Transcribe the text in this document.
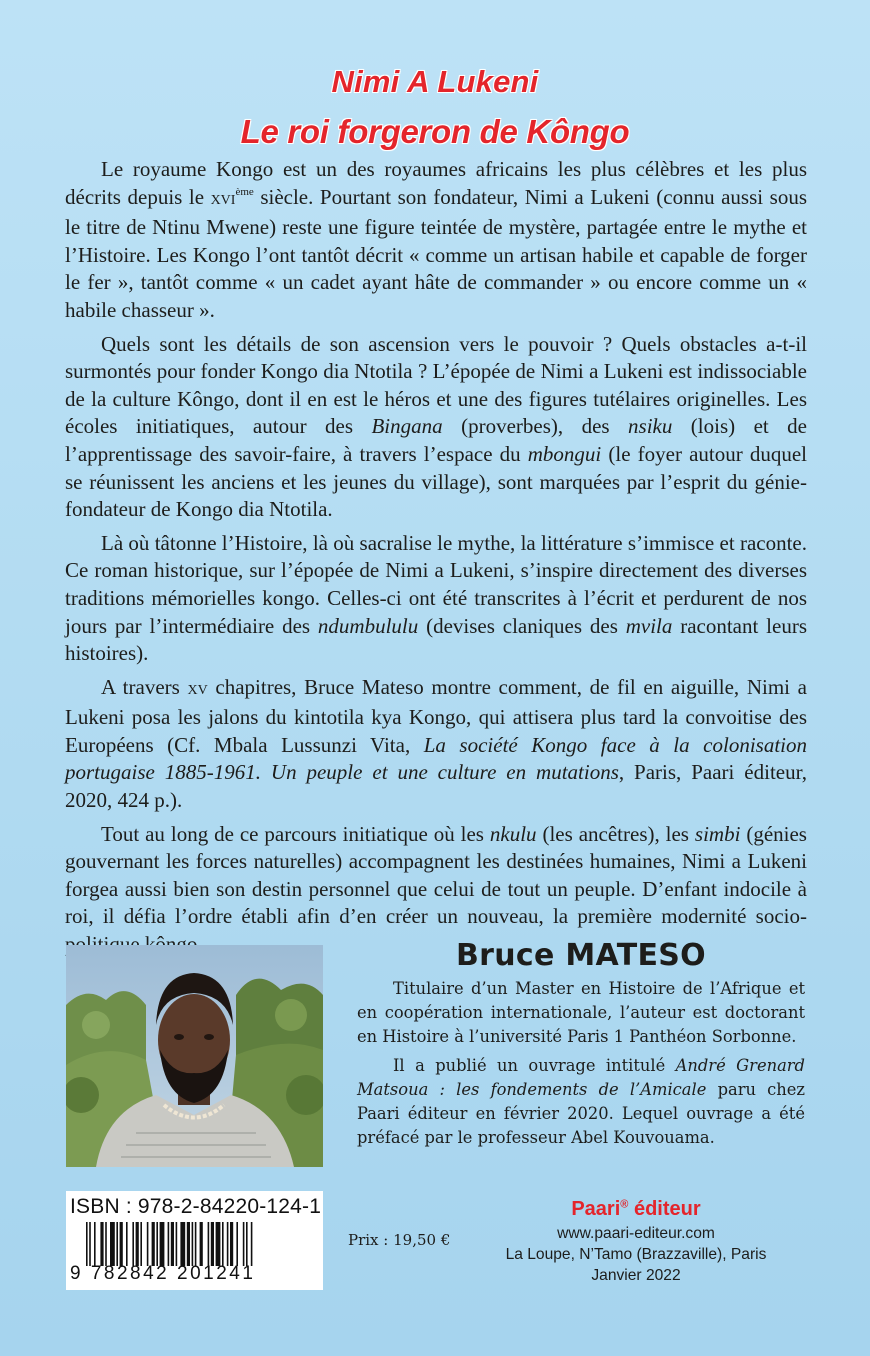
Nimi A Lukeni
Le roi forgeron de Kôngo

Le royaume Kongo est un des royaumes africains les plus célèbres et les plus décrits depuis le XVIème siècle. Pourtant son fondateur, Nimi a Lukeni (connu aussi sous le titre de Ntinu Mwene) reste une figure teintée de mystère, partagée entre le mythe et l’Histoire. Les Kongo l’ont tantôt décrit « comme un artisan habile et capable de forger le fer », tantôt comme « un cadet ayant hâte de commander » ou encore comme un « habile chasseur ».

Quels sont les détails de son ascension vers le pouvoir ? Quels obstacles a-t-il surmontés pour fonder Kongo dia Ntotila ? L’épopée de Nimi a Lukeni est indissociable de la culture Kôngo, dont il en est le héros et une des figures tutélaires originelles. Les écoles initiatiques, autour des Bingana (proverbes), des nsiku (lois) et de l’apprentissage des savoir-faire, à travers l’espace du mbongui (le foyer autour duquel se réunissent les anciens et les jeunes du village), sont marquées par l’esprit du génie-fondateur de Kongo dia Ntotila.

Là où tâtonne l’Histoire, là où sacralise le mythe, la littérature s’immisce et raconte. Ce roman historique, sur l’épopée de Nimi a Lukeni, s’inspire directement des diverses traditions mémorielles kongo. Celles-ci ont été transcrites à l’écrit et perdurent de nos jours par l’intermédiaire des ndumbululu (devises claniques des mvila racontant leurs histoires).

A travers XV chapitres, Bruce Mateso montre comment, de fil en aiguille, Nimi a Lukeni posa les jalons du kintotila kya Kongo, qui attisera plus tard la convoitise des Européens (Cf. Mbala Lussunzi Vita, La société Kongo face à la colonisation portugaise 1885-1961. Un peuple et une culture en mutations, Paris, Paari éditeur, 2020, 424 p.).

Tout au long de ce parcours initiatique où les nkulu (les ancêtres), les simbi (génies gouvernant les forces naturelles) accompagnent les destinées humaines, Nimi a Lukeni forgea aussi bien son destin personnel que celui de tout un peuple. D’enfant indocile à roi, il défia l’ordre établi afin d’en créer un nouveau, la première modernité socio-

Bruce MATESO

Titulaire d’un Master en Histoire de l’Afrique et en coopération internationale, l’auteur est doctorant en Histoire à l’université Paris 1 Panthéon Sorbonne.

Il a publié un ouvrage intitulé André Grenard Matsoua : les fondements de l’Amicale paru chez Paari éditeur en février 2020. Lequel ouvrage a été préfacé par le professeur Abel Kouvouama.

ISBN : 978-2-84220-124-1

9 782842 201241

Prix : 19,50 €

Paari® éditeur

www.paari-editeur.com

La Loupe, N’Tamo (Brazzaville), Paris

Janvier 2022
